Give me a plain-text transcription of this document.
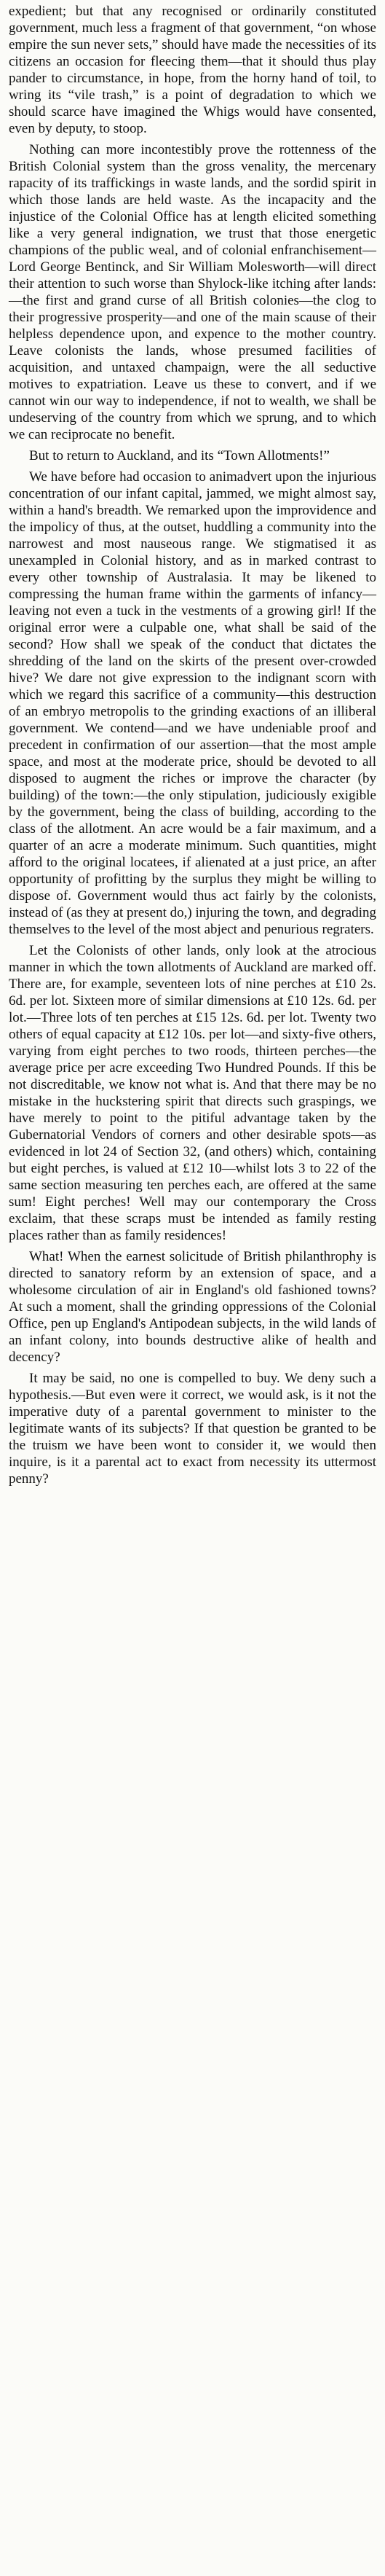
expedient; but that any recognised or ordinarily constituted government, much less a fragment of that government, “on whose empire the sun never sets,” should have made the necessities of its citizens an occasion for fleecing them—that it should thus play pander to circumstance, in hope, from the horny hand of toil, to wring its “vile trash,” is a point of degradation to which we should scarce have imagined the Whigs would have consented, even by deputy, to stoop.

Nothing can more incontestibly prove the rottenness of the British Colonial system than the gross venality, the mercenary rapacity of its traffickings in waste lands, and the sordid spirit in which those lands are held waste. As the incapacity and the injustice of the Colonial Office has at length elicited something like a very general indignation, we trust that those energetic champions of the public weal, and of colonial enfranchisement—Lord George Bentinck, and Sir William Molesworth—will direct their attention to such worse than Shylock-like itching after lands:—the first and grand curse of all British colonies—the clog to their progressive prosperity—and one of the main scause of their helpless dependence upon, and expence to the mother country. Leave colonists the lands, whose presumed facilities of acquisition, and untaxed champaign, were the all seductive motives to expatriation. Leave us these to convert, and if we cannot win our way to independence, if not to wealth, we shall be undeserving of the country from which we sprung, and to which we can reciprocate no benefit.

But to return to Auckland, and its “Town Allotments!”

We have before had occasion to animadvert upon the injurious concentration of our infant capital, jammed, we might almost say, within a hand's breadth. We remarked upon the improvidence and the impolicy of thus, at the outset, huddling a community into the narrowest and most nauseous range. We stigmatised it as unexampled in Colonial history, and as in marked contrast to every other township of Australasia. It may be likened to compressing the human frame within the garments of infancy—leaving not even a tuck in the vestments of a growing girl! If the original error were a culpable one, what shall be said of the second? How shall we speak of the conduct that dictates the shredding of the land on the skirts of the present over-crowded hive? We dare not give expression to the indignant scorn with which we regard this sacrifice of a community—this destruction of an embryo metropolis to the grinding exactions of an illiberal government. We contend—and we have undeniable proof and precedent in confirmation of our assertion—that the most ample space, and most at the moderate price, should be devoted to all disposed to augment the riches or improve the character (by building) of the town:—the only stipulation, judiciously exigible by the government, being the class of building, according to the class of the allotment. An acre would be a fair maximum, and a quarter of an acre a moderate minimum. Such quantities, might afford to the original locatees, if alienated at a just price, an after opportunity of profitting by the surplus they might be willing to dispose of. Government would thus act fairly by the colonists, instead of (as they at present do,) injuring the town, and degrading themselves to the level of the most abject and penurious regraters.

Let the Colonists of other lands, only look at the atrocious manner in which the town allotments of Auckland are marked off. There are, for example, seventeen lots of nine perches at £10 2s. 6d. per lot. Sixteen more of similar dimensions at £10 12s. 6d. per lot.—Three lots of ten perches at £15 12s. 6d. per lot. Twenty two others of equal capacity at £12 10s. per lot—and sixty-five others, varying from eight perches to two roods, thirteen perches—the average price per acre exceeding Two Hundred Pounds. If this be not discreditable, we know not what is. And that there may be no mistake in the huckstering spirit that directs such graspings, we have merely to point to the pitiful advantage taken by the Gubernatorial Vendors of corners and other desirable spots—as evidenced in lot 24 of Section 32, (and others) which, containing but eight perches, is valued at £12 10—whilst lots 3 to 22 of the same section measuring ten perches each, are offered at the same sum! Eight perches! Well may our contemporary the Cross exclaim, that these scraps must be intended as family resting places rather than as family residences!

What! When the earnest solicitude of British philanthrophy is directed to sanatory reform by an extension of space, and a wholesome circulation of air in England's old fashioned towns? At such a moment, shall the grinding oppressions of the Colonial Office, pen up England's Antipodean subjects, in the wild lands of an infant colony, into bounds destructive alike of health and decency?

It may be said, no one is compelled to buy. We deny such a hypothesis.—But even were it correct, we would ask, is it not the imperative duty of a parental government to minister to the legitimate wants of its subjects? If that question be granted to be the truism we have been wont to consider it, we would then inquire, is it a parental act to exact from necessity its uttermost penny?
